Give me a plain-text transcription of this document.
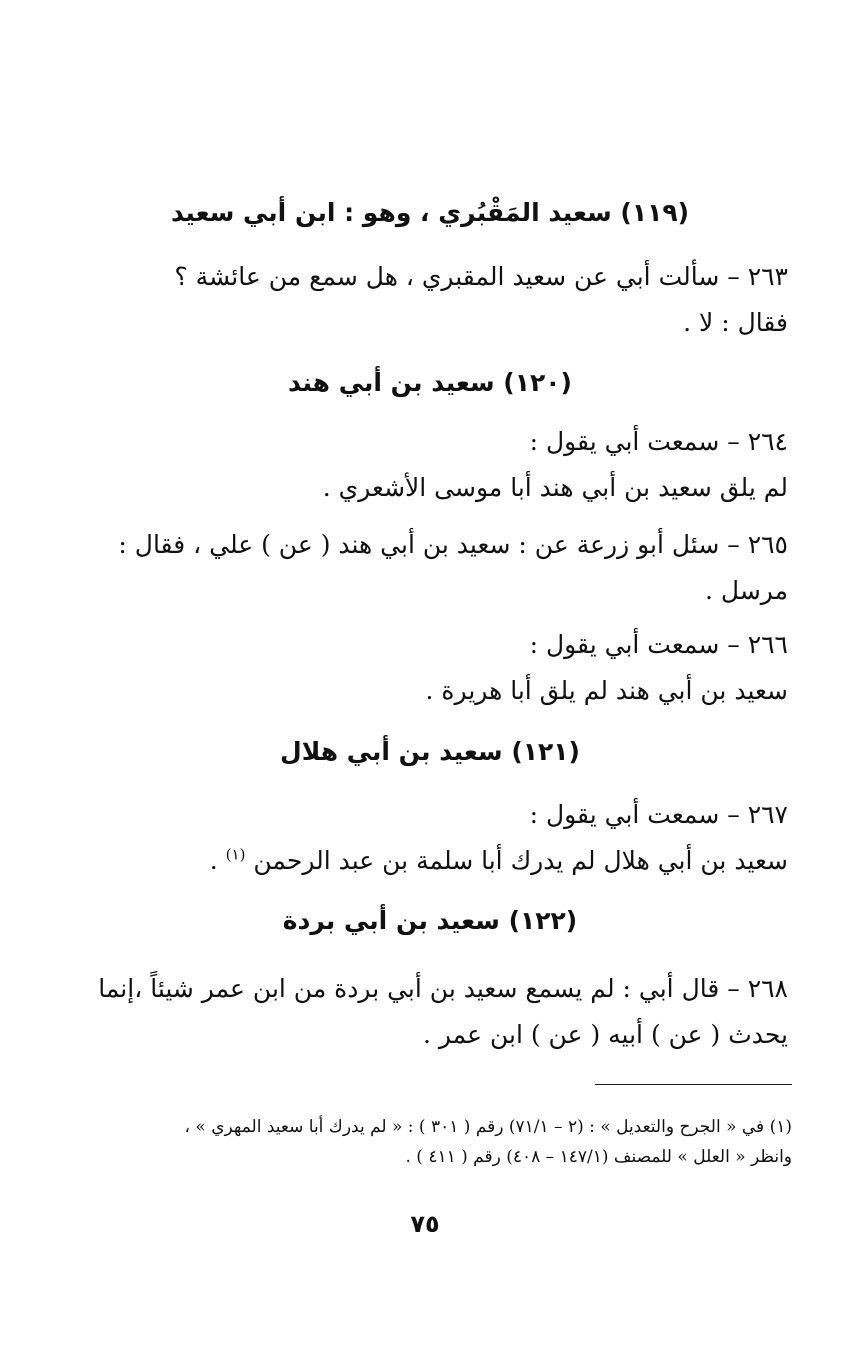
(١١٩) سعيد المَقْبُري ، وهو : ابن أبي سعيد
٢٦٣ – سألت أبي عن سعيد المقبري ، هل سمع من عائشة ؟
فقال : لا .
(١٢٠) سعيد بن أبي هند
٢٦٤ – سمعت أبي يقول :
لم يلق سعيد بن أبي هند أبا موسى الأشعري .
٢٦٥ – سئل أبو زرعة عن : سعيد بن أبي هند ( عن ) علي ، فقال :
مرسل .
٢٦٦ – سمعت أبي يقول :
سعيد بن أبي هند لم يلق أبا هريرة .
(١٢١) سعيد بن أبي هلال
٢٦٧ – سمعت أبي يقول :
سعيد بن أبي هلال لم يدرك أبا سلمة بن عبد الرحمن $^{(١)}$ .
(١٢٢) سعيد بن أبي بردة
٢٦٨ – قال أبي : لم يسمع سعيد بن أبي بردة من ابن عمر شيئاً ،إنما
يحدث ( عن ) أبيه ( عن ) ابن عمر .
(١) في « الجرح والتعديل » : (٢ – ٧١/١) رقم ( ٣٠١ ) : « لم يدرك أبا سعيد المهري » ،
وانظر « العلل » للمصنف (١٤٧/١ – ٤٠٨) رقم ( ٤١١ ) .
٧٥
